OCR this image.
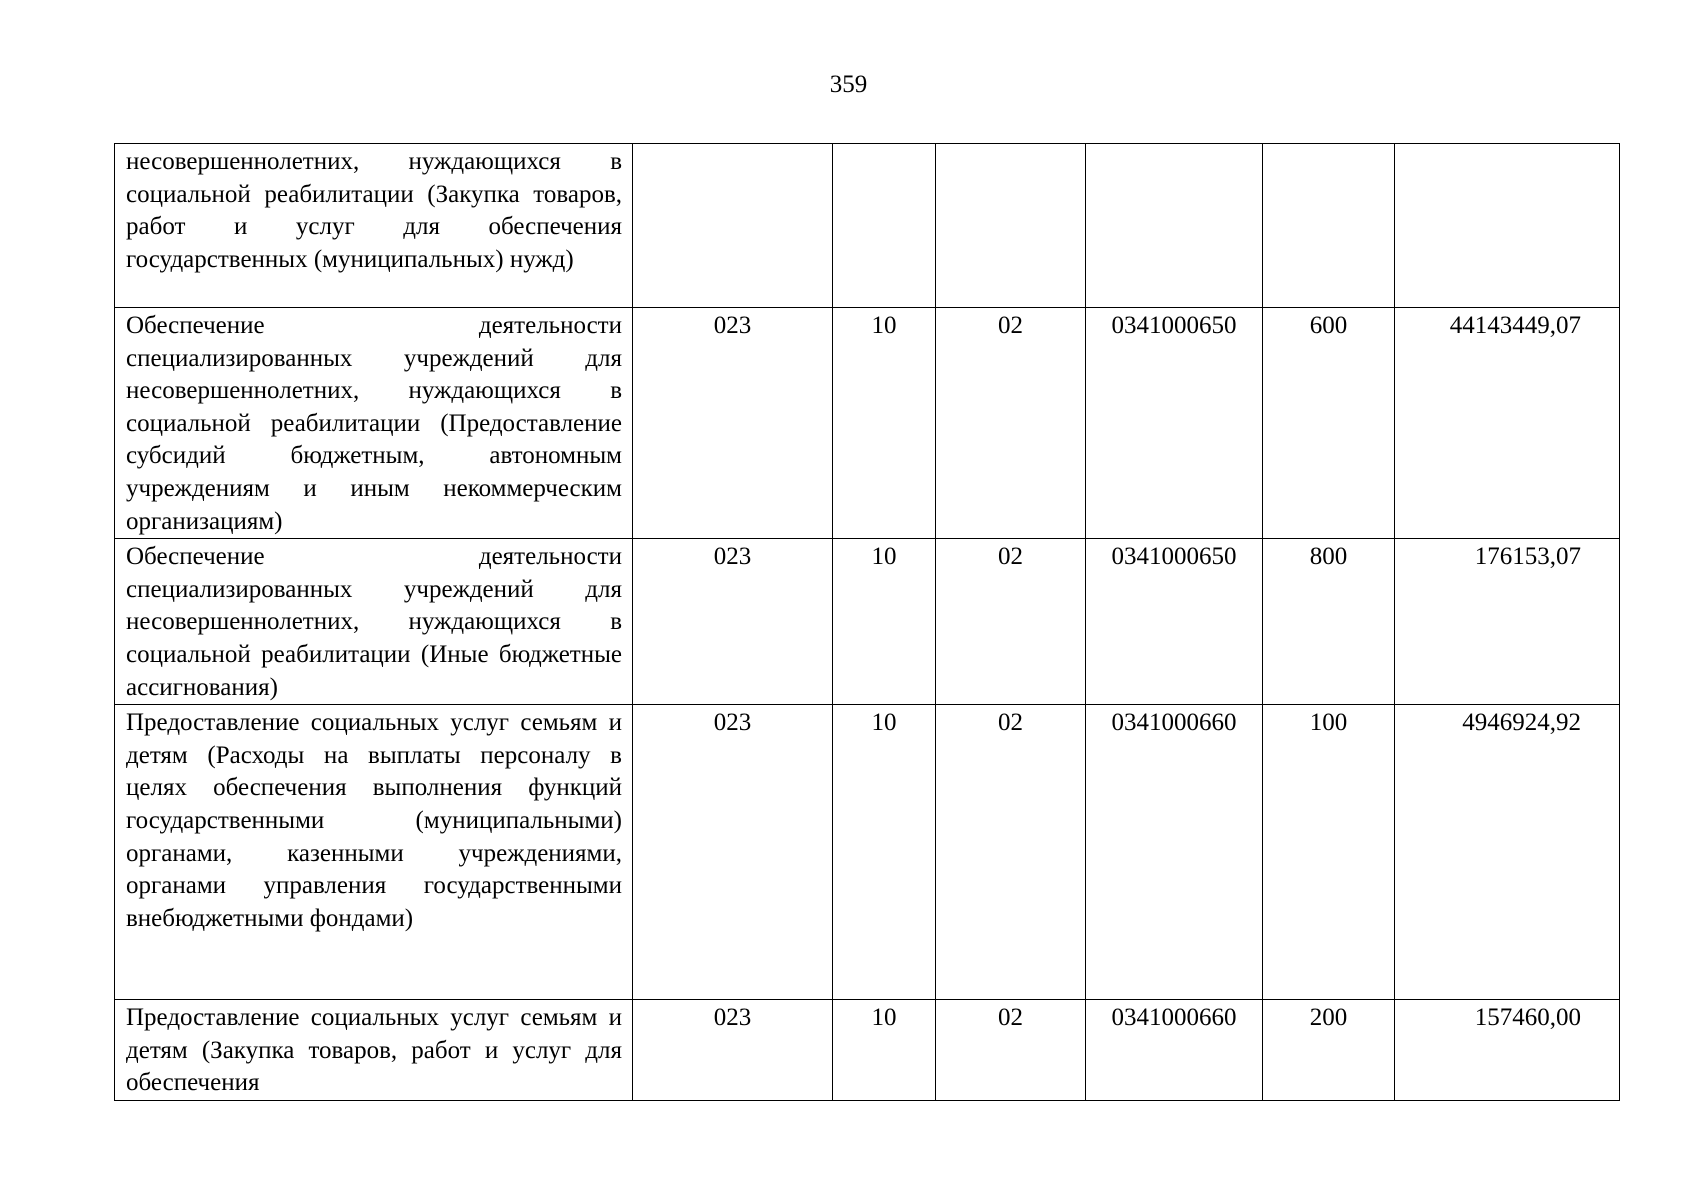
359
несовершеннолетних, нуждающихся в социальной реабилитации (Закупка товаров, работ и услуг для обеспечения государственных (муниципальных) нужд)						
Обеспечение деятельности специализированных учреждений для несовершеннолетних, нуждающихся в социальной реабилитации (Предоставление субсидий бюджетным, автономным учреждениям и иным некоммерческим организациям)	023	10	02	0341000650	600	44143449,07
Обеспечение деятельности специализированных учреждений для несовершеннолетних, нуждающихся в социальной реабилитации (Иные бюджетные ассигнования)	023	10	02	0341000650	800	176153,07
Предоставление социальных услуг семьям и детям (Расходы на выплаты персоналу в целях обеспечения выполнения функций государственными (муниципальными) органами, казенными учреждениями, органами управления государственными внебюджетными фондами)	023	10	02	0341000660	100	4946924,92
Предоставление социальных услуг семьям и детям (Закупка товаров, работ и услуг для обеспечения	023	10	02	0341000660	200	157460,00
